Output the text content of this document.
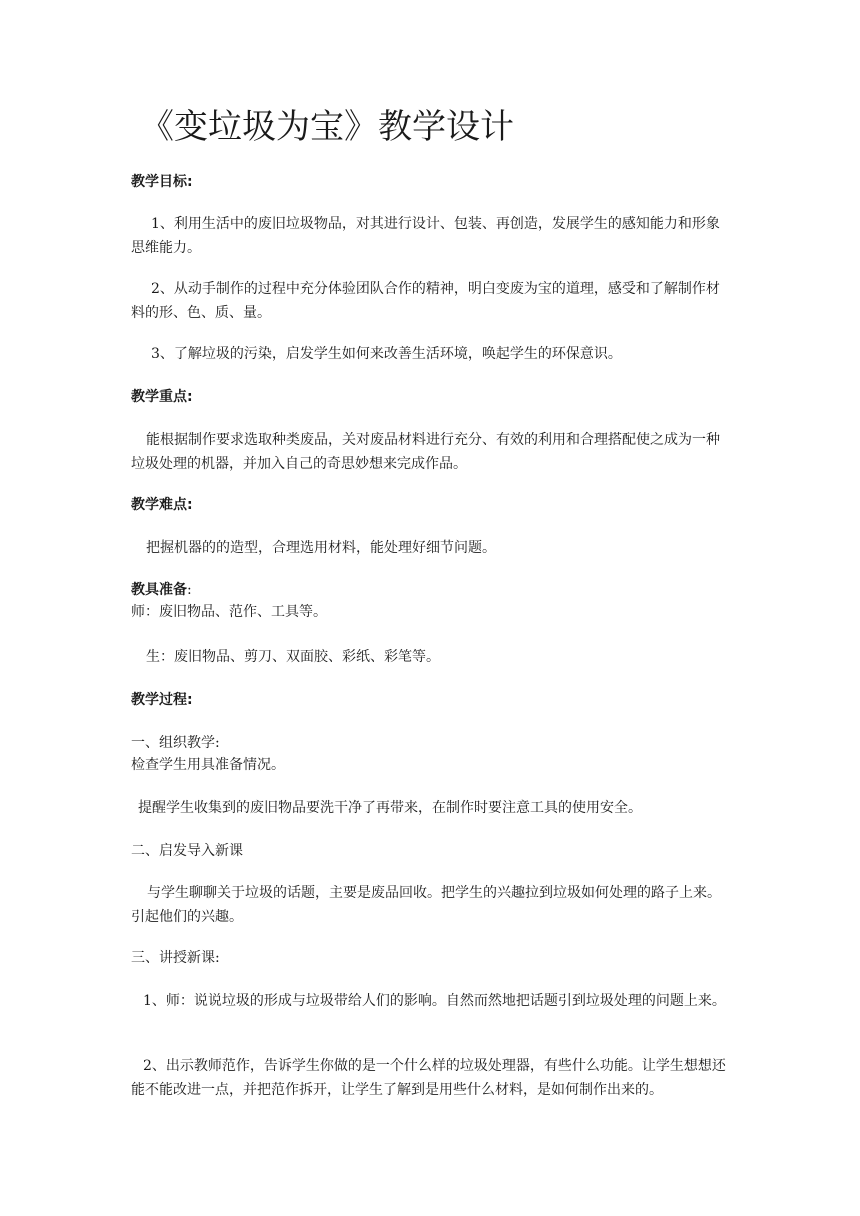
《变垃圾为宝》教学设计

教学目标:

1、利用生活中的废旧垃圾物品，对其进行设计、包装、再创造，发展学生的感知能力和形象思维能力。

2、从动手制作的过程中充分体验团队合作的精神，明白变废为宝的道理，感受和了解制作材料的形、色、质、量。

3、了解垃圾的污染，启发学生如何来改善生活环境，唤起学生的环保意识。

教学重点:

能根据制作要求选取种类废品，关对废品材料进行充分、有效的利用和合理搭配使之成为一种垃圾处理的机器，并加入自己的奇思妙想来完成作品。

教学难点:

把握机器的的造型，合理选用材料，能处理好细节问题。

教具准备:

师：废旧物品、范作、工具等。

生：废旧物品、剪刀、双面胶、彩纸、彩笔等。

教学过程:

一、组织教学:

检查学生用具准备情况。

提醒学生收集到的废旧物品要洗干净了再带来，在制作时要注意工具的使用安全。

二、启发导入新课

与学生聊聊关于垃圾的话题，主要是废品回收。把学生的兴趣拉到垃圾如何处理的路子上来。引起他们的兴趣。

三、讲授新课:

1、师：说说垃圾的形成与垃圾带给人们的影响。自然而然地把话题引到垃圾处理的问题上来。

2、出示教师范作，告诉学生你做的是一个什么样的垃圾处理器，有些什么功能。让学生想想还能不能改进一点，并把范作拆开，让学生了解到是用些什么材料，是如何制作出来的。
